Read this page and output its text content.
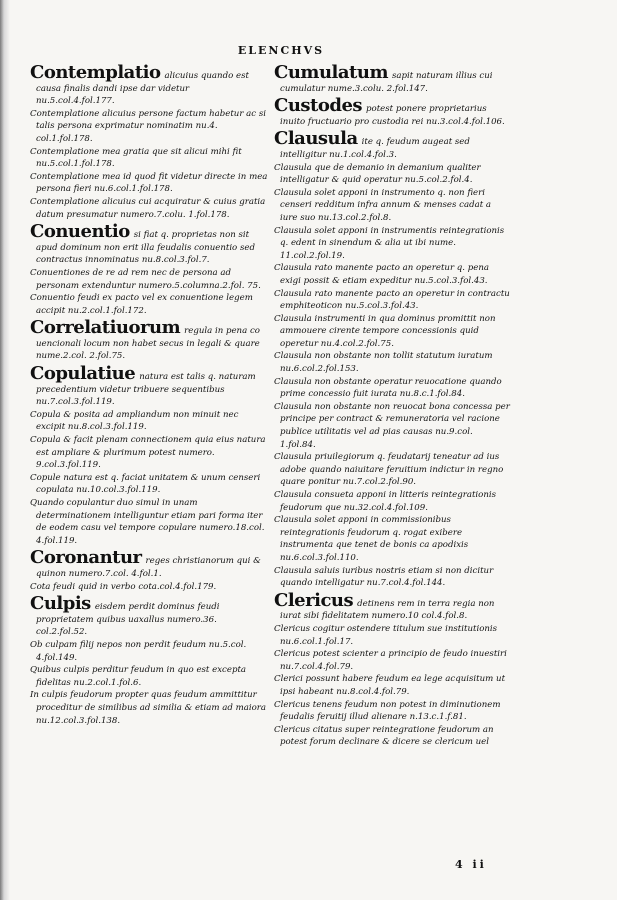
ELENCHVS
Contemplatio alicuius quando est causa finalis dandi ipse dar videtur nu.5.col.4.fol.177.
Contemplatione alicuius persone factum habetur ac si talis persona exprimatur nominatim nu.4. col.1.fol.178.
Contemplatione mea gratia que sit alicui mihi fit nu.5.col.1.fol.178.
Contemplatione mea id quod fit videtur directe in mea persona fieri nu.6.col.1.fol.178.
Contemplatione alicuius cui acquiratur & cuius gratia datum presumatur numero.7.colu. 1.fol.178.
Conuentio si fiat q. proprietas non sit apud dominum non erit illa feudalis conuentio sed contractus innominatus nu.8.col.3.fol.7.
Conuentiones de re ad rem nec de persona ad personam extenduntur numero.5.columna.2.fol. 75.
Conuentio feudi ex pacto vel ex conuentione legem accipit nu.2.col.1.fol.172.
Correlatiuorum regula in pena co uencionali locum non habet secus in legali & quare nume.2.col. 2.fol.75.
Copulatiue natura est talis q. naturam precedentium videtur tribuere sequentibus nu.7.col.3.fol.119.
Copula & posita ad ampliandum non minuit nec excipit nu.8.col.3.fol.119.
Copula & facit plenam connectionem quia eius natura est ampliare & plurimum potest numero. 9.col.3.fol.119.
Copule natura est q. faciat unitatem & unum censeri copulata nu.10.col.3.fol.119.
Quando copulantur duo simul in unam determinationem intelliguntur etiam pari forma iter de eodem casu vel tempore copulare numero.18.col. 4.fol.119.
Coronantur reges christianorum qui & quinon numero.7.col. 4.fol.1.
Cota feudi quid in verbo cota.col.4.fol.179.
Culpis eisdem perdit dominus feudi proprietatem quibus uaxallus numero.36. col.2.fol.52.
Ob culpam filij nepos non perdit feudum nu.5.col. 4.fol.149.
Quibus culpis perditur feudum in quo est excepta fidelitas nu.2.col.1.fol.6.
In culpis feudorum propter quas feudum ammittitur proceditur de similibus ad similia & etiam ad maiora nu.12.col.3.fol.138.
Cumulatum sapit naturam illius cui cumulatur nume.3.colu. 2.fol.147.
Custodes potest ponere proprietarius inuito fructuario pro custodia rei nu.3.col.4.fol.106.
Clausula ite q. feudum augeat sed intelligitur nu.1.col.4.fol.3.
Clausula que de demanio in demanium qualiter intelligatur & quid operatur nu.5.col.2.fol.4.
Clausula solet apponi in instrumento q. non fieri censeri redditum infra annum & menses cadat a iure suo nu.13.col.2.fol.8.
Clausula solet apponi in instrumentis reintegrationis q. edent in sinendum & alia ut ibi nume. 11.col.2.fol.19.
Clausula rato manente pacto an operetur q. pena exigi possit & etiam expeditur nu.5.col.3.fol.43.
Clausula rato manente pacto an operetur in contractu emphiteoticon nu.5.col.3.fol.43.
Clausula instrumenti in qua dominus promittit non ammouere cirente tempore concessionis quid operetur nu.4.col.2.fol.75.
Clausula non obstante non tollit statutum iuratum nu.6.col.2.fol.153.
Clausula non obstante operatur reuocatione quando prime concessio fuit iurata nu.8.c.1.fol.84.
Clausula non obstante non reuocat bona concessa per principe per contract & remuneratoria vel racione publice utilitatis vel ad pias causas nu.9.col. 1.fol.84.
Clausula priuilegiorum q. feudatarij teneatur ad ius adobe quando naiuitare feruitium indictur in regno quare ponitur nu.7.col.2.fol.90.
Clausula consueta apponi in litteris reintegrationis feudorum que nu.32.col.4.fol.109.
Clausula solet apponi in commissionibus reintegrationis feudorum q. rogat exibere instrumenta que tenet de bonis ca apodixis nu.6.col.3.fol.110.
Clausula saluis iuribus nostris etiam si non dicitur quando intelligatur nu.7.col.4.fol.144.
Clericus detinens rem in terra regia non iurat sibi fidelitatem numero.10 col.4.fol.8.
Clericus cogitur ostendere titulum sue institutionis nu.6.col.1.fol.17.
Clericus potest scienter a principio de feudo inuestiri nu.7.col.4.fol.79.
Clerici possunt habere feudum ea lege acquisitum ut ipsi habeant nu.8.col.4.fol.79.
Clericus tenens feudum non potest in diminutionem feudalis feruitij illud alienare n.13.c.1.f.81.
Clericus citatus super reintegratione feudorum an potest forum declinare & dicere se clericum uel
4 ii
